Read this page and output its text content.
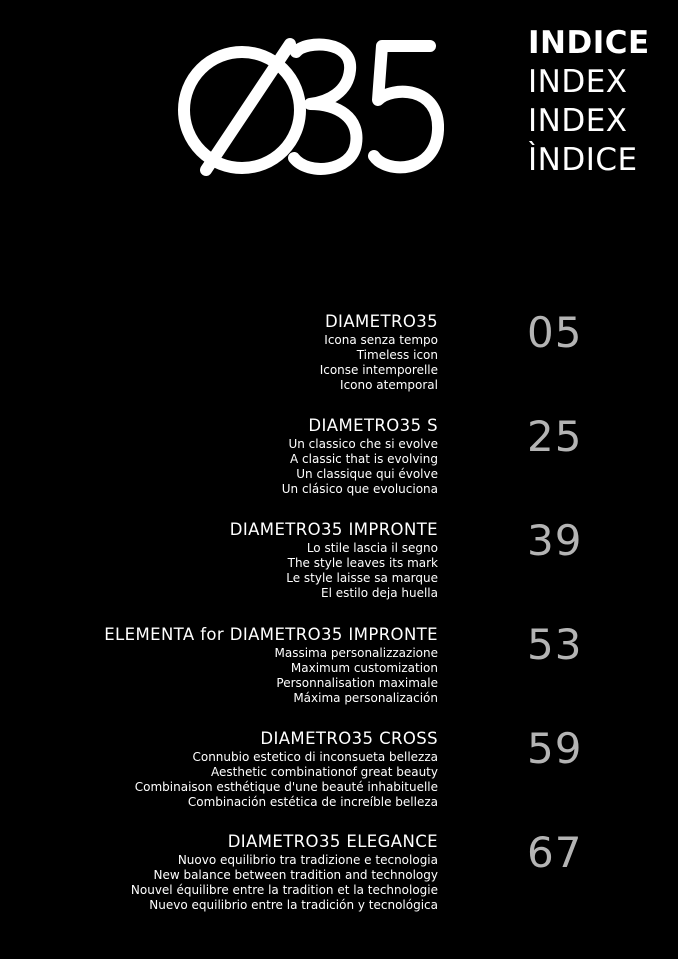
INDICE
INDEX
INDEX
ÌNDICE
DIAMETRO35
Icona senza tempo
Timeless icon
Iconse intemporelle
Icono atemporal
05
DIAMETRO35 S
Un classico che si evolve
A classic that is evolving
Un classique qui évolve
Un clásico que evoluciona
25
DIAMETRO35 IMPRONTE
Lo stile lascia il segno
The style leaves its mark
Le style laisse sa marque
El estilo deja huella
39
ELEMENTA for DIAMETRO35 IMPRONTE
Massima personalizzazione
Maximum customization
Personnalisation maximale
Máxima personalización
53
DIAMETRO35 CROSS
Connubio estetico di inconsueta bellezza
Aesthetic combinationof great beauty
Combinaison esthétique d'une beauté inhabituelle
Combinación estética de increíble belleza
59
DIAMETRO35 ELEGANCE
Nuovo equilibrio tra tradizione e tecnologia
New balance between tradition and technology
Nouvel équilibre entre la tradition et la technologie
Nuevo equilibrio entre la tradición y tecnológica
67
